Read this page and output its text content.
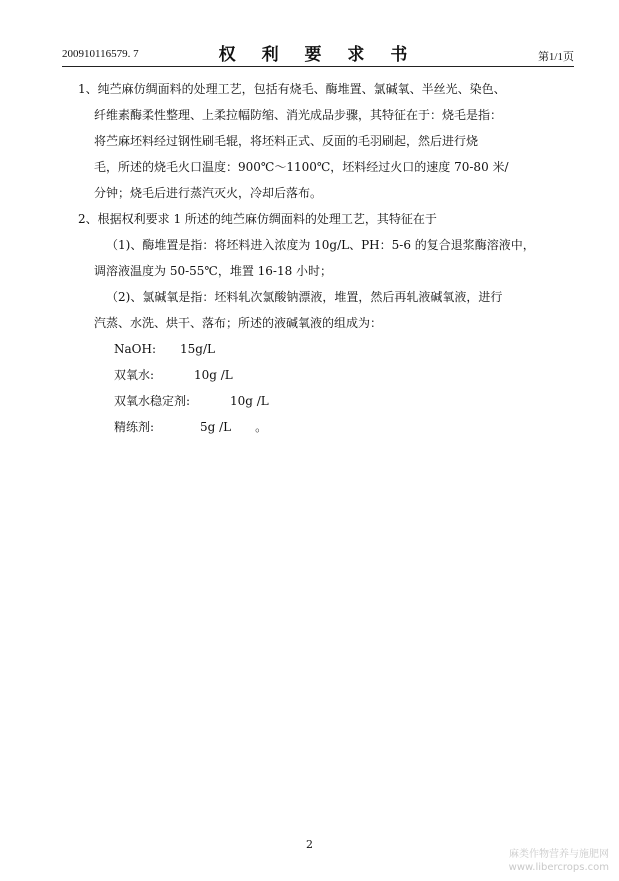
200910116579. 7	权 利 要 求 书	第1/1页

1、纯苎麻仿绸面料的处理工艺，包括有烧毛、酶堆置、氯碱氧、半丝光、染色、

纤维素酶柔性整理、上柔拉幅防缩、消光成品步骤，其特征在于：烧毛是指：

将苎麻坯料经过钢性刷毛辊，将坯料正式、反面的毛羽刷起，然后进行烧

毛，所述的烧毛火口温度：900℃～1100℃，坯料经过火口的速度 70-80 米/

分钟；烧毛后进行蒸汽灭火，冷却后落布。

2、根据权利要求 1 所述的纯苎麻仿绸面料的处理工艺，其特征在于

（1)、酶堆置是指：将坯料进入浓度为 10g/L、PH：5-6 的复合退浆酶溶液中，

调溶液温度为 50-55℃，堆置 16-18 小时；

（2)、氯碱氧是指：坯料轧次氯酸钠漂液，堆置，然后再轧液碱氧液，进行

汽蒸、水洗、烘干、落布；所述的液碱氧液的组成为：

NaOH:	15g/L
双氧水:	10g /L
双氧水稳定剂:	10g /L
精练剂:	5g /L　　。
2
麻类作物营养与施肥网
www.libercrops.com
